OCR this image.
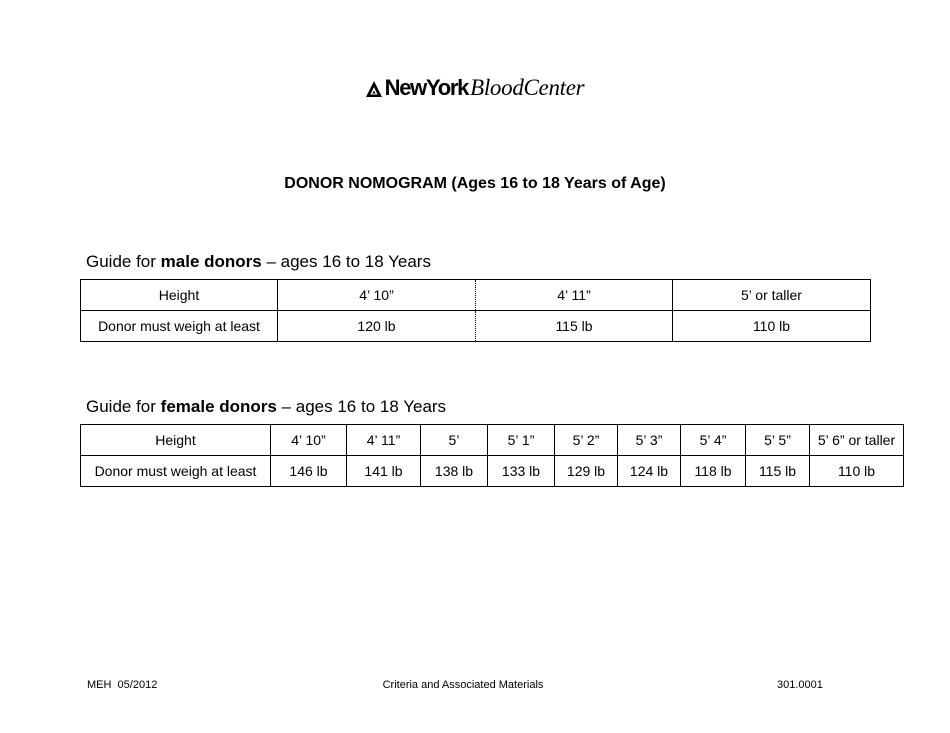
NewYorkBloodCenter
DONOR NOMOGRAM (Ages 16 to 18 Years of Age)
Guide for male donors – ages 16 to 18 Years
Height	4’ 10”	4’ 11”	5’ or taller
Donor must weigh at least	120 lb	115 lb	110 lb
Guide for female donors – ages 16 to 18 Years
Height	4’ 10”	4’ 11”	5’	5’ 1”	5’ 2”	5’ 3”	5’ 4”	5’ 5”	5’ 6” or taller
Donor must weigh at least	146 lb	141 lb	138 lb	133 lb	129 lb	124 lb	118 lb	115 lb	110 lb
MEH  05/2012	Criteria and Associated Materials	301.0001
